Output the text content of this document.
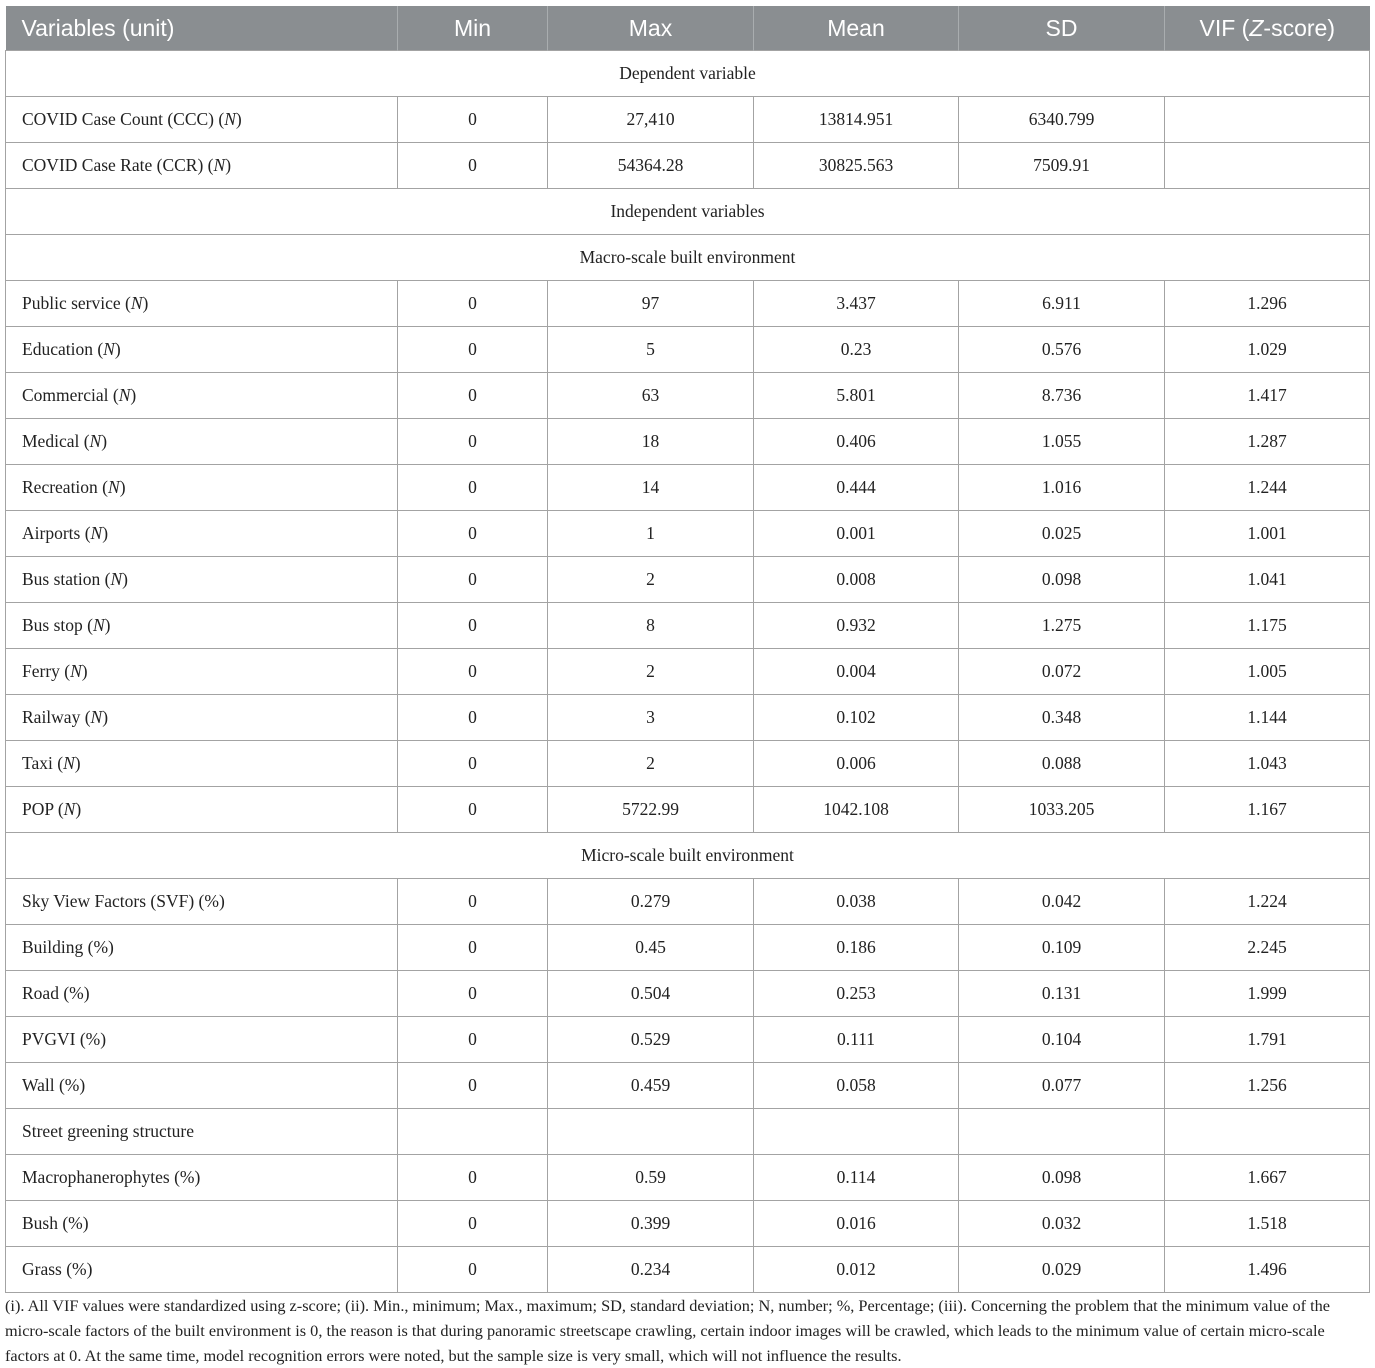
Variables (unit)	Min	Max	Mean	SD	VIF (Z-score)
Dependent variable					
COVID Case Count (CCC) (N)	0	27,410	13814.951	6340.799	
COVID Case Rate (CCR) (N)	0	54364.28	30825.563	7509.91	
Independent variables					
Macro-scale built environment					
Public service (N)	0	97	3.437	6.911	1.296
Education (N)	0	5	0.23	0.576	1.029
Commercial (N)	0	63	5.801	8.736	1.417
Medical (N)	0	18	0.406	1.055	1.287
Recreation (N)	0	14	0.444	1.016	1.244
Airports (N)	0	1	0.001	0.025	1.001
Bus station (N)	0	2	0.008	0.098	1.041
Bus stop (N)	0	8	0.932	1.275	1.175
Ferry (N)	0	2	0.004	0.072	1.005
Railway (N)	0	3	0.102	0.348	1.144
Taxi (N)	0	2	0.006	0.088	1.043
POP (N)	0	5722.99	1042.108	1033.205	1.167
Micro-scale built environment					
Sky View Factors (SVF) (%)	0	0.279	0.038	0.042	1.224
Building (%)	0	0.45	0.186	0.109	2.245
Road (%)	0	0.504	0.253	0.131	1.999
PVGVI (%)	0	0.529	0.111	0.104	1.791
Wall (%)	0	0.459	0.058	0.077	1.256
Street greening structure					
Macrophanerophytes (%)	0	0.59	0.114	0.098	1.667
Bush (%)	0	0.399	0.016	0.032	1.518
Grass (%)	0	0.234	0.012	0.029	1.496
(i). All VIF values were standardized using z-score; (ii). Min., minimum; Max., maximum; SD, standard deviation; N, number; %, Percentage; (iii). Concerning the problem that the minimum value of the micro-scale factors of the built environment is 0, the reason is that during panoramic streetscape crawling, certain indoor images will be crawled, which leads to the minimum value of certain micro-scale factors at 0. At the same time, model recognition errors were noted, but the sample size is very small, which will not influence the results.
